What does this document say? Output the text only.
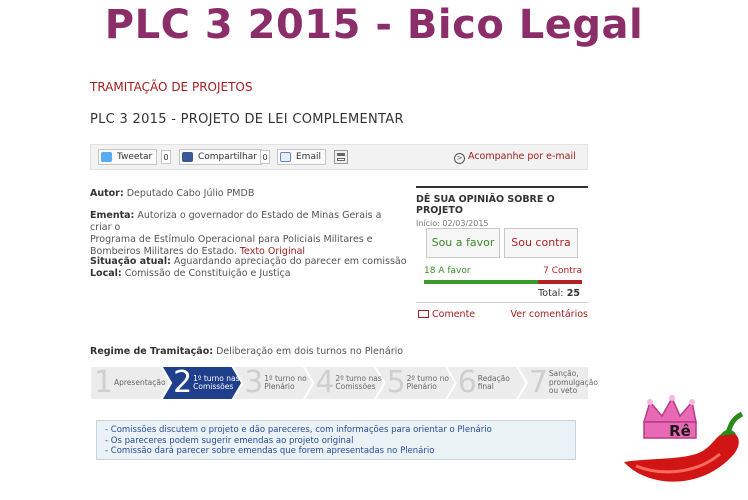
PLC 3 2015 - Bico Legal
TRAMITAÇÃO DE PROJETOS
PLC 3 2015 - PROJETO DE LEI COMPLEMENTAR
Tweetar	0	Compartilhar 0	Email	> Acompanhe por e-mail
Autor: Deputado Cabo Júlio PMDB
Ementa: Autoriza o governador do Estado de Minas Gerais a criar o
Programa de Estímulo Operacional para Policiais Militares e
Bombeiros Militares do Estado. Texto Original
Situação atual: Aguardando apreciação do parecer em comissão
Local: Comissão de Constituição e Justiça
DÊ SUA OPINIÃO SOBRE O PROJETO
Início: 02/03/2015
Sou a favor	Sou contra
18 A favor	7 Contra
Total: 25
Comente	Ver comentários
Regime de Tramitação: Deliberação em dois turnos no Plenário
1 Apresentação 2 1º turno nas
Comissões 3 1º turno no
Plenário 4 2º turno nas
Comissões 5 2º turno no
Plenário 6 Redação
final	7 Sanção,
promulgação
ou veto
- Comissões discutem o projeto e dão pareceres, com informações para orientar o Plenário
- Os pareceres podem sugerir emendas ao projeto original
- Comissão dará parecer sobre emendas que forem apresentadas no Plenário
Rê
